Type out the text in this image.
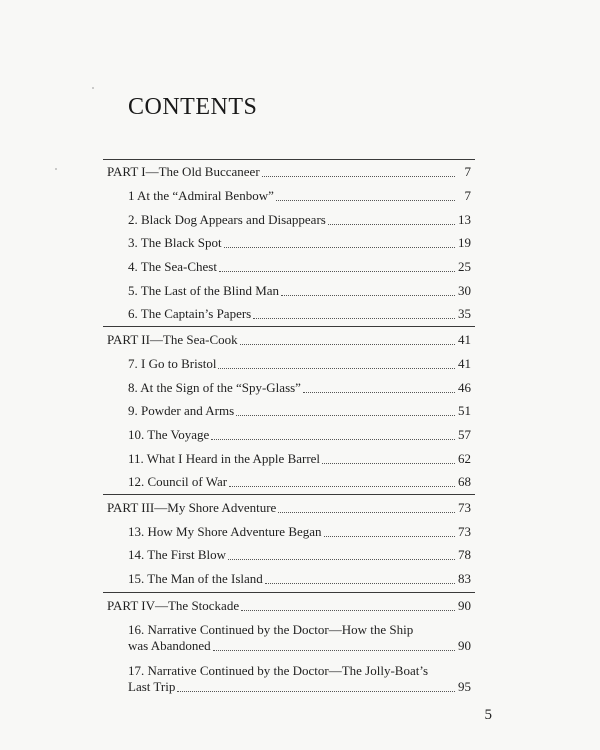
CONTENTS
PART I—The Old Buccaneer	7
1 At the “Admiral Benbow”	7
2. Black Dog Appears and Disappears	13
3. The Black Spot	19
4. The Sea-Chest	25
5. The Last of the Blind Man	30
6. The Captain’s Papers	35
PART II—The Sea-Cook	41
7. I Go to Bristol	41
8. At the Sign of the “Spy-Glass”	46
9. Powder and Arms	51
10. The Voyage	57
11. What I Heard in the Apple Barrel	62
12. Council of War	68
PART III—My Shore Adventure	73
13. How My Shore Adventure Began	73
14. The First Blow	78
15. The Man of the Island	83
PART IV—The Stockade	90
16. Narrative Continued by the Doctor—How the Ship
was Abandoned	90
17. Narrative Continued by the Doctor—The Jolly-Boat’s
Last Trip	95
5
